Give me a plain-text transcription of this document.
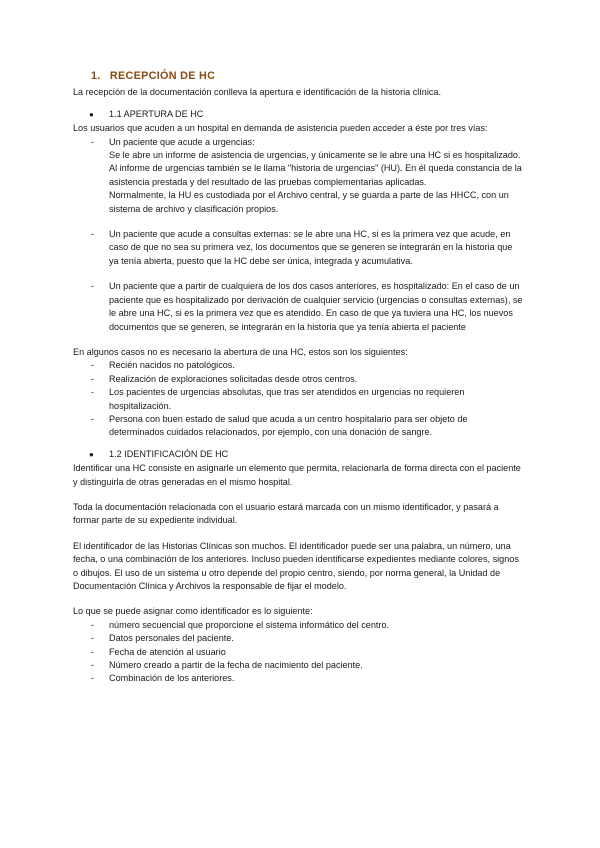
1. RECEPCIÓN DE HC

La recepción de la documentación conlleva la apertura e identificación de la historia clínica.

●	1.1 APERTURA DE HC

Los usuarios que acuden a un hospital en demanda de asistencia pueden acceder a éste por tres vías:

- Un paciente que acude a urgencias:

Se le abre un informe de asistencia de urgencias, y únicamente se le abre una HC si es hospitalizado. Al informe de urgencias también se le llama "historia de urgencias" (HU). En él queda constancia de la asistencia prestada y del resultado de las pruebas complementarias aplicadas.

Normalmente, la HU es custodiada por el Archivo central, y se guarda a parte de las HHCC, con un sistema de archivo y clasificación propios.

- Un paciente que acude a consultas externas: se le abre una HC, si es la primera vez que acude, en caso de que no sea su primera vez, los documentos que se generen se integrarán en la historia que ya tenía abierta, puesto que la HC debe ser única, integrada y acumulativa.

- Un paciente que a partir de cualquiera de los dos casos anteriores, es hospitalizado: En el caso de un paciente que es hospitalizado por derivación de cualquier servicio (urgencias o consultas externas), se le abre una HC, si es la primera vez que es atendido. En caso de que ya tuviera una HC, los nuevos documentos que se generen, se integrarán en la historia que ya tenía abierta el paciente

En algunos casos no es necesario la abertura de una HC, estos son los siguientes:

- Recién nacidos no patológicos.
- Realización de exploraciones solicitadas desde otros centros.
- Los pacientes de urgencias absolutas, que tras ser atendidos en urgencias no requieren hospitalización.
- Persona con buen estado de salud que acuda a un centro hospitalario para ser objeto de determinados cuidados relacionados, por ejemplo, con una donación de sangre.
●	1.2 IDENTIFICACIÓN DE HC

Identificar una HC consiste en asignarle un elemento que permita, relacionarla de forma directa con el paciente y distinguirla de otras generadas en el mismo hospital.

Toda la documentación relacionada con el usuario estará marcada con un mismo identificador, y pasará a formar parte de su expediente individual.

El identificador de las Historias Clínicas son muchos. El identificador puede ser una palabra, un número, una fecha, o una combinación de los anteriores. Incluso pueden identificarse expedientes mediante colores, signos o dibujos. El uso de un sistema u otro depende del propio centro, siendo, por norma general, la Unidad de Documentación Clínica y Archivos la responsable de fijar el modelo.

Lo que se puede asignar como identificador es lo siguiente:

- número secuencial que proporcione el sistema informático del centro.
- Datos personales del paciente.
- Fecha de atención al usuario
- Número creado a partir de la fecha de nacimiento del paciente.
- Combinación de los anteriores.
